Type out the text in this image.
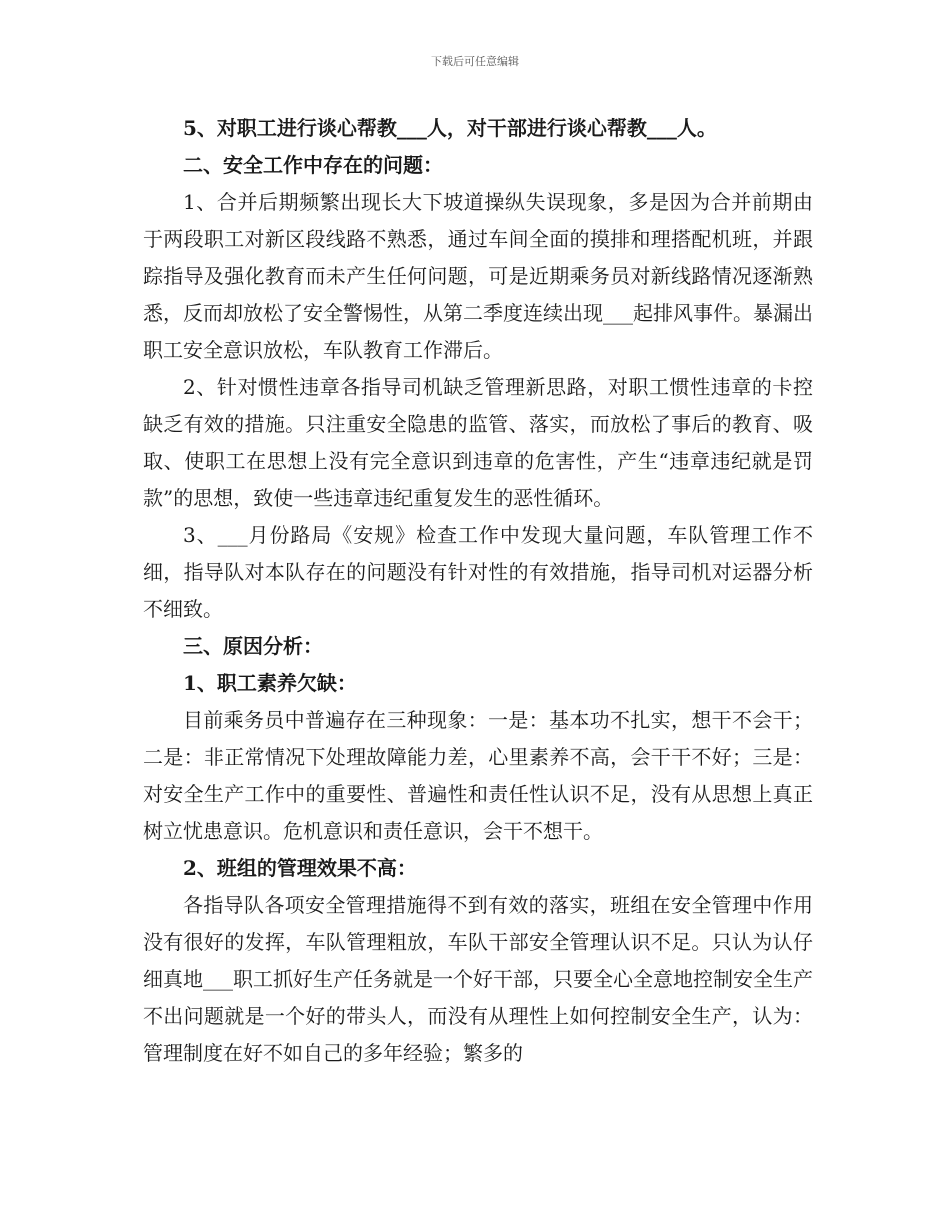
下载后可任意编辑

5、对职工进行谈心帮教___人，对干部进行谈心帮教___人。

二、安全工作中存在的问题：

1、合并后期频繁出现长大下坡道操纵失误现象，多是因为合并前期由于两段职工对新区段线路不熟悉，通过车间全面的摸排和理搭配机班，并跟踪指导及强化教育而未产生任何问题，可是近期乘务员对新线路情况逐渐熟悉，反而却放松了安全警惕性，从第二季度连续出现___起排风事件。暴漏出职工安全意识放松，车队教育工作滞后。

2、针对惯性违章各指导司机缺乏管理新思路，对职工惯性违章的卡控缺乏有效的措施。只注重安全隐患的监管、落实，而放松了事后的教育、吸取、使职工在思想上没有完全意识到违章的危害性，产生“违章违纪就是罚款”的思想，致使一些违章违纪重复发生的恶性循环。

3、___月份路局《安规》检查工作中发现大量问题，车队管理工作不细，指导队对本队存在的问题没有针对性的有效措施，指导司机对运器分析不细致。

三、原因分析：

1、职工素养欠缺：

目前乘务员中普遍存在三种现象：一是：基本功不扎实，想干不会干；二是：非正常情况下处理故障能力差，心里素养不高，会干干不好；三是：对安全生产工作中的重要性、普遍性和责任性认识不足，没有从思想上真正树立忧患意识。危机意识和责任意识，会干不想干。

2、班组的管理效果不高：

各指导队各项安全管理措施得不到有效的落实，班组在安全管理中作用没有很好的发挥，车队管理粗放，车队干部安全管理认识不足。只认为认仔细真地___职工抓好生产任务就是一个好干部，只要全心全意地控制安全生产不出问题就是一个好的带头人，而没有从理性上如何控制安全生产，认为：管理制度在好不如自己的多年经验；繁多的
